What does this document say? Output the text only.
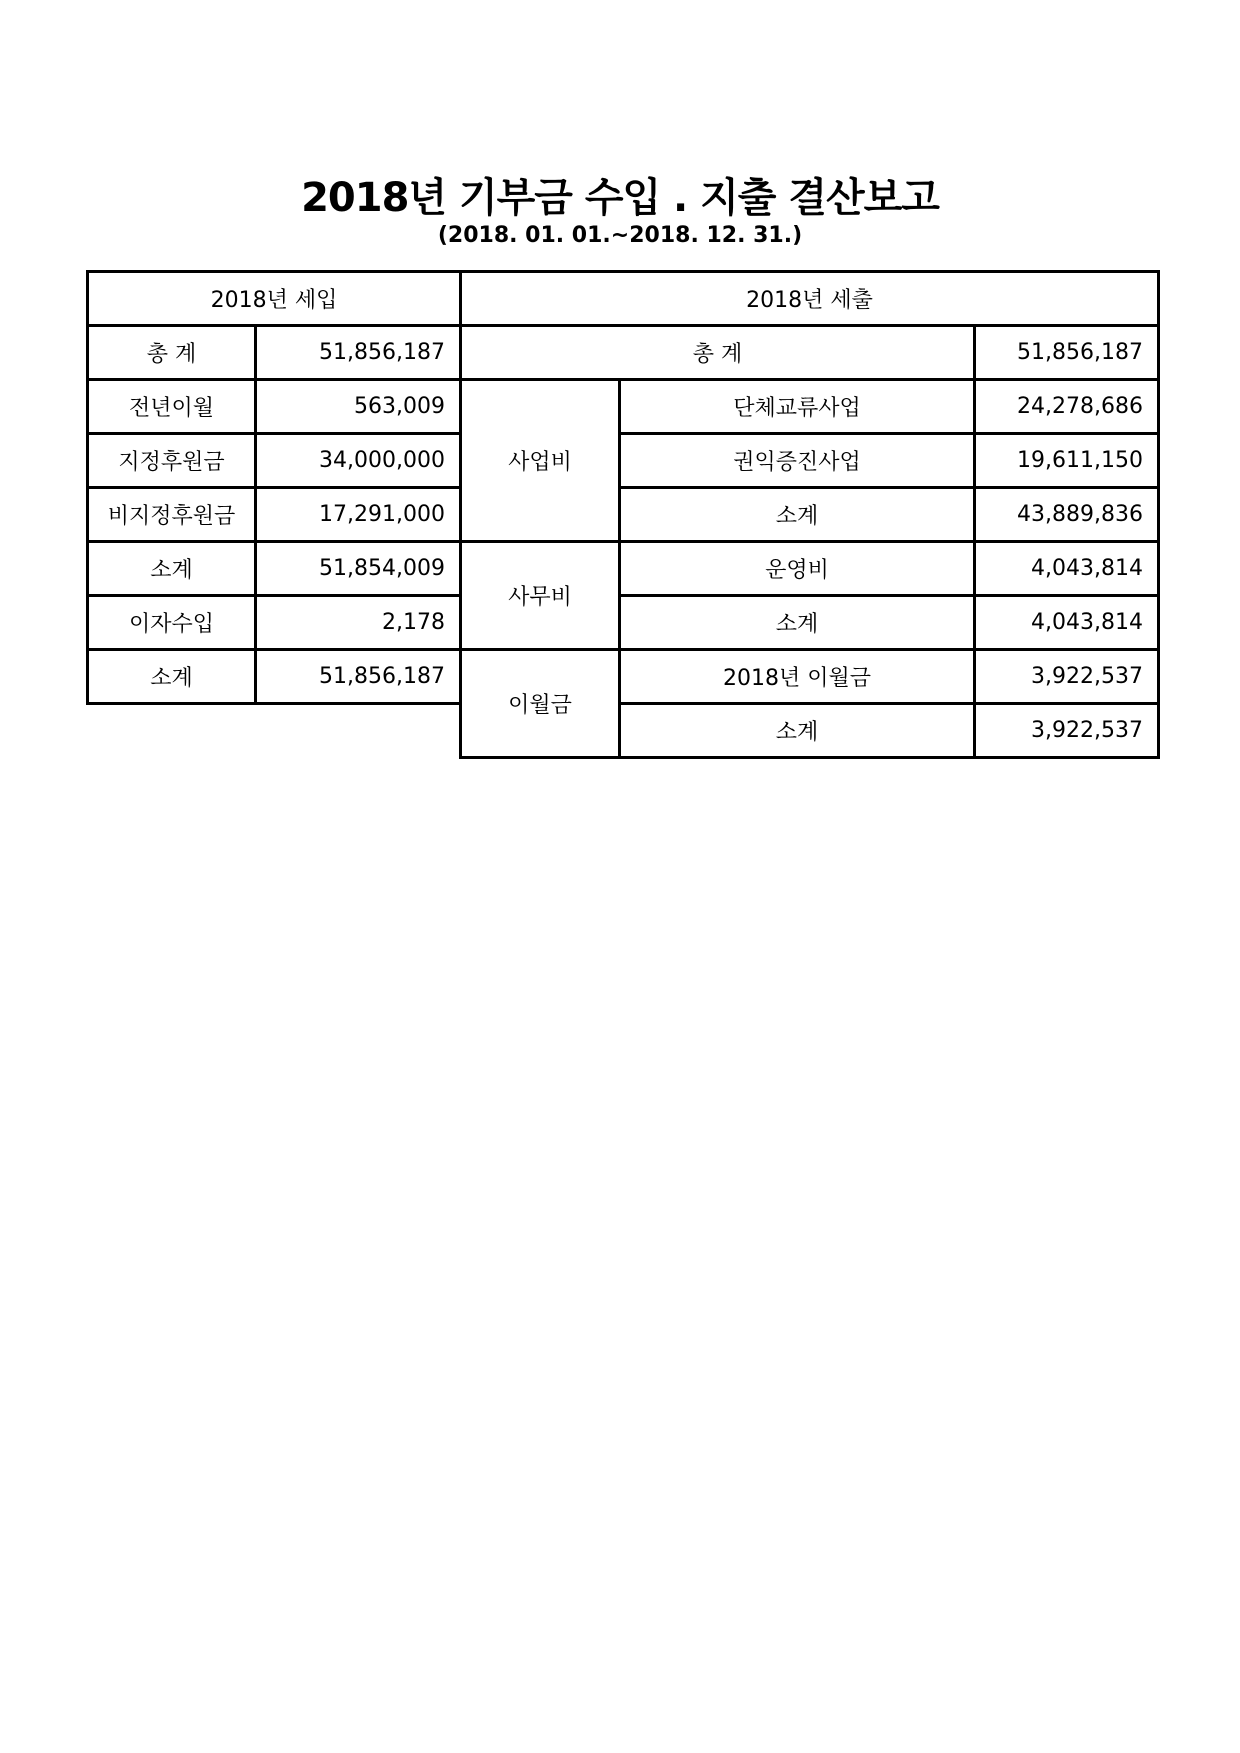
2018년 기부금 수입 . 지출 결산보고

(2018. 01. 01.~2018. 12. 31.)

2018년 세입	
총 계	51,856,187
전년이월	563,009
지정후원금	34,000,000
비지정후원금	17,291,000
소계	51,854,009
이자수입	2,178
소계	51,856,187
2018년 세출		
총 계		51,856,187
사업비	단체교류사업	24,278,686
	권익증진사업	19,611,150
	소계	43,889,836
사무비	운영비	4,043,814
	소계	4,043,814
이월금	2018년 이월금	3,922,537
	소계	3,922,537
